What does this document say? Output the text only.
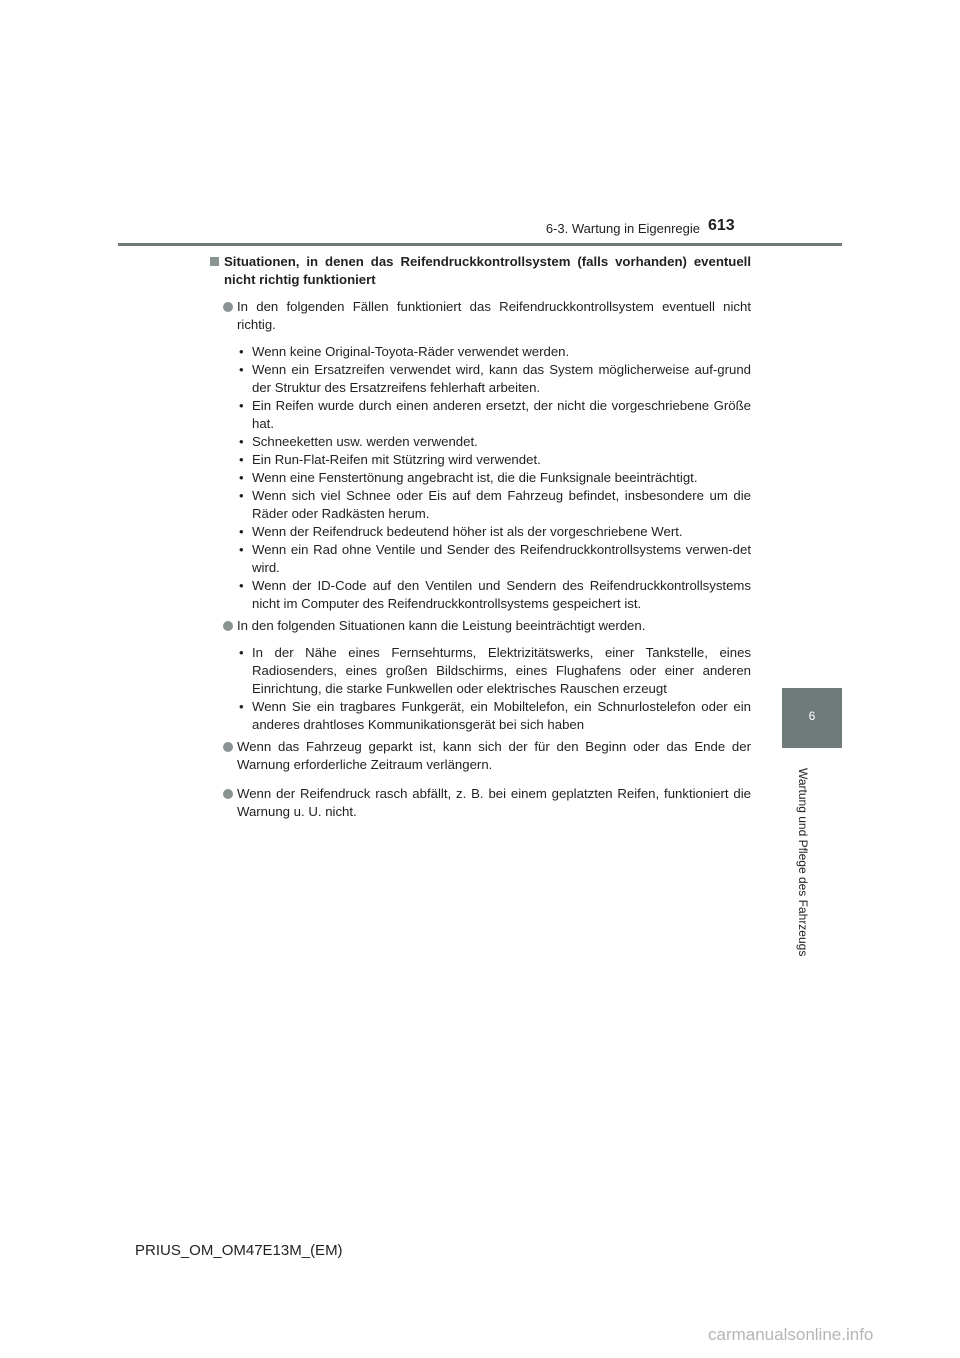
6-3. Wartung in Eigenregie 613
6
Wartung und Pflege des Fahrzeugs
Situationen, in denen das Reifendruckkontrollsystem (falls vorhanden) eventuell nicht richtig funktioniert
In den folgenden Fällen funktioniert das Reifendruckkontrollsystem eventuell nicht richtig.
• Wenn keine Original-Toyota-Räder verwendet werden.
• Wenn ein Ersatzreifen verwendet wird, kann das System möglicherweise auf-grund der Struktur des Ersatzreifens fehlerhaft arbeiten.
• Ein Reifen wurde durch einen anderen ersetzt, der nicht die vorgeschriebene Größe hat.
• Schneeketten usw. werden verwendet.
• Ein Run-Flat-Reifen mit Stützring wird verwendet.
• Wenn eine Fenstertönung angebracht ist, die die Funksignale beeinträchtigt.
• Wenn sich viel Schnee oder Eis auf dem Fahrzeug befindet, insbesondere um die Räder oder Radkästen herum.
• Wenn der Reifendruck bedeutend höher ist als der vorgeschriebene Wert.
• Wenn ein Rad ohne Ventile und Sender des Reifendruckkontrollsystems verwen-det wird.
• Wenn der ID-Code auf den Ventilen und Sendern des Reifendruckkontrollsystems nicht im Computer des Reifendruckkontrollsystems gespeichert ist.
In den folgenden Situationen kann die Leistung beeinträchtigt werden.
• In der Nähe eines Fernsehturms, Elektrizitätswerks, einer Tankstelle, eines Radiosenders, eines großen Bildschirms, eines Flughafens oder einer anderen Einrichtung, die starke Funkwellen oder elektrisches Rauschen erzeugt
• Wenn Sie ein tragbares Funkgerät, ein Mobiltelefon, ein Schnurlostelefon oder ein anderes drahtloses Kommunikationsgerät bei sich haben
Wenn das Fahrzeug geparkt ist, kann sich der für den Beginn oder das Ende der Warnung erforderliche Zeitraum verlängern.
Wenn der Reifendruck rasch abfällt, z. B. bei einem geplatzten Reifen, funktioniert die Warnung u. U. nicht.
PRIUS_OM_OM47E13M_(EM)
carmanualsonline.info
